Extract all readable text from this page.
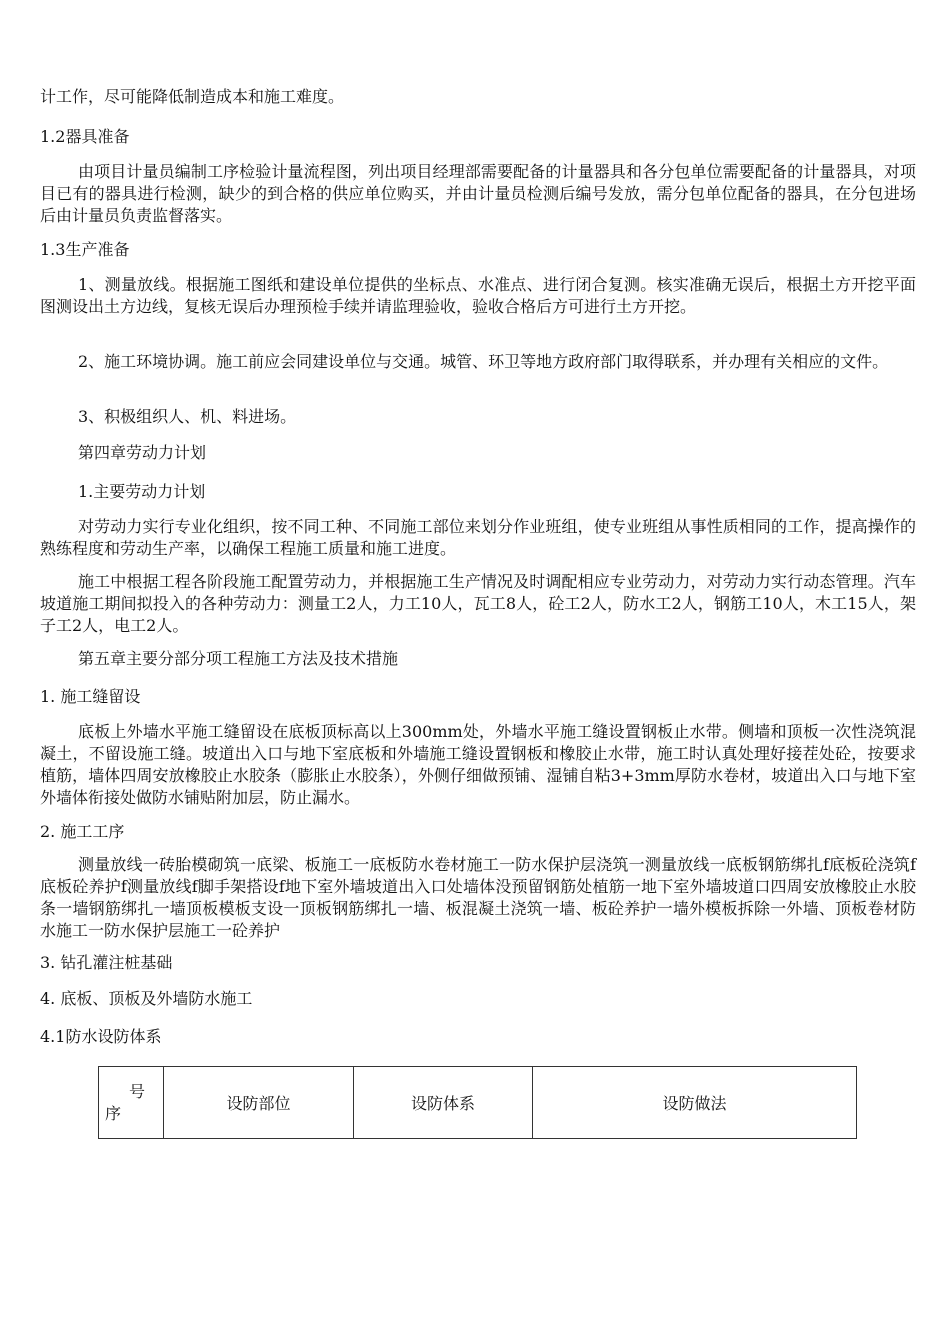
计工作，尽可能降低制造成本和施工难度。

1.2器具准备

由项目计量员编制工序检验计量流程图，列出项目经理部需要配备的计量器具和各分包单位需要配备的计量器具，对项目已有的器具进行检测，缺少的到合格的供应单位购买，并由计量员检测后编号发放，需分包单位配备的器具，在分包进场后由计量员负责监督落实。

1.3生产准备

1、测量放线。根据施工图纸和建设单位提供的坐标点、水准点、进行闭合复测。核实准确无误后，根据土方开挖平面图测设出土方边线，复核无误后办理预检手续并请监理验收，验收合格后方可进行土方开挖。

2、施工环境协调。施工前应会同建设单位与交通。城管、环卫等地方政府部门取得联系，并办理有关相应的文件。

3、积极组织人、机、料进场。

第四章劳动力计划

1.主要劳动力计划

对劳动力实行专业化组织，按不同工种、不同施工部位来划分作业班组，使专业班组从事性质相同的工作，提高操作的熟练程度和劳动生产率，以确保工程施工质量和施工进度。

施工中根据工程各阶段施工配置劳动力，并根据施工生产情况及时调配相应专业劳动力，对劳动力实行动态管理。汽车坡道施工期间拟投入的各种劳动力：测量工2人，力工10人，瓦工8人，砼工2人，防水工2人，钢筋工10人，木工15人，架子工2人，电工2人。

第五章主要分部分项工程施工方法及技术措施

1. 施工缝留设

底板上外墙水平施工缝留设在底板顶标高以上300mm处，外墙水平施工缝设置钢板止水带。侧墙和顶板一次性浇筑混凝土，不留设施工缝。坡道出入口与地下室底板和外墙施工缝设置钢板和橡胶止水带，施工时认真处理好接茬处砼，按要求植筋，墙体四周安放橡胶止水胶条（膨胀止水胶条），外侧仔细做预铺、湿铺自粘3+3mm厚防水卷材，坡道出入口与地下室外墙体衔接处做防水铺贴附加层，防止漏水。

2. 施工工序

测量放线一砖胎模砌筑一底梁、板施工一底板防水卷材施工一防水保护层浇筑一测量放线一底板钢筋绑扎f底板砼浇筑f底板砼养护f测量放线f脚手架搭设f地下室外墙坡道出入口处墙体没预留钢筋处植筋一地下室外墙坡道口四周安放橡胶止水胶条一墙钢筋绑扎一墙顶板模板支设一顶板钢筋绑扎一墙、板混凝土浇筑一墙、板砼养护一墙外模板拆除一外墙、顶板卷材防水施工一防水保护层施工一砼养护

3. 钻孔灌注桩基础

4. 底板、顶板及外墙防水施工

4.1防水设防体系

号
序	设防部位	设防体系	设防做法
